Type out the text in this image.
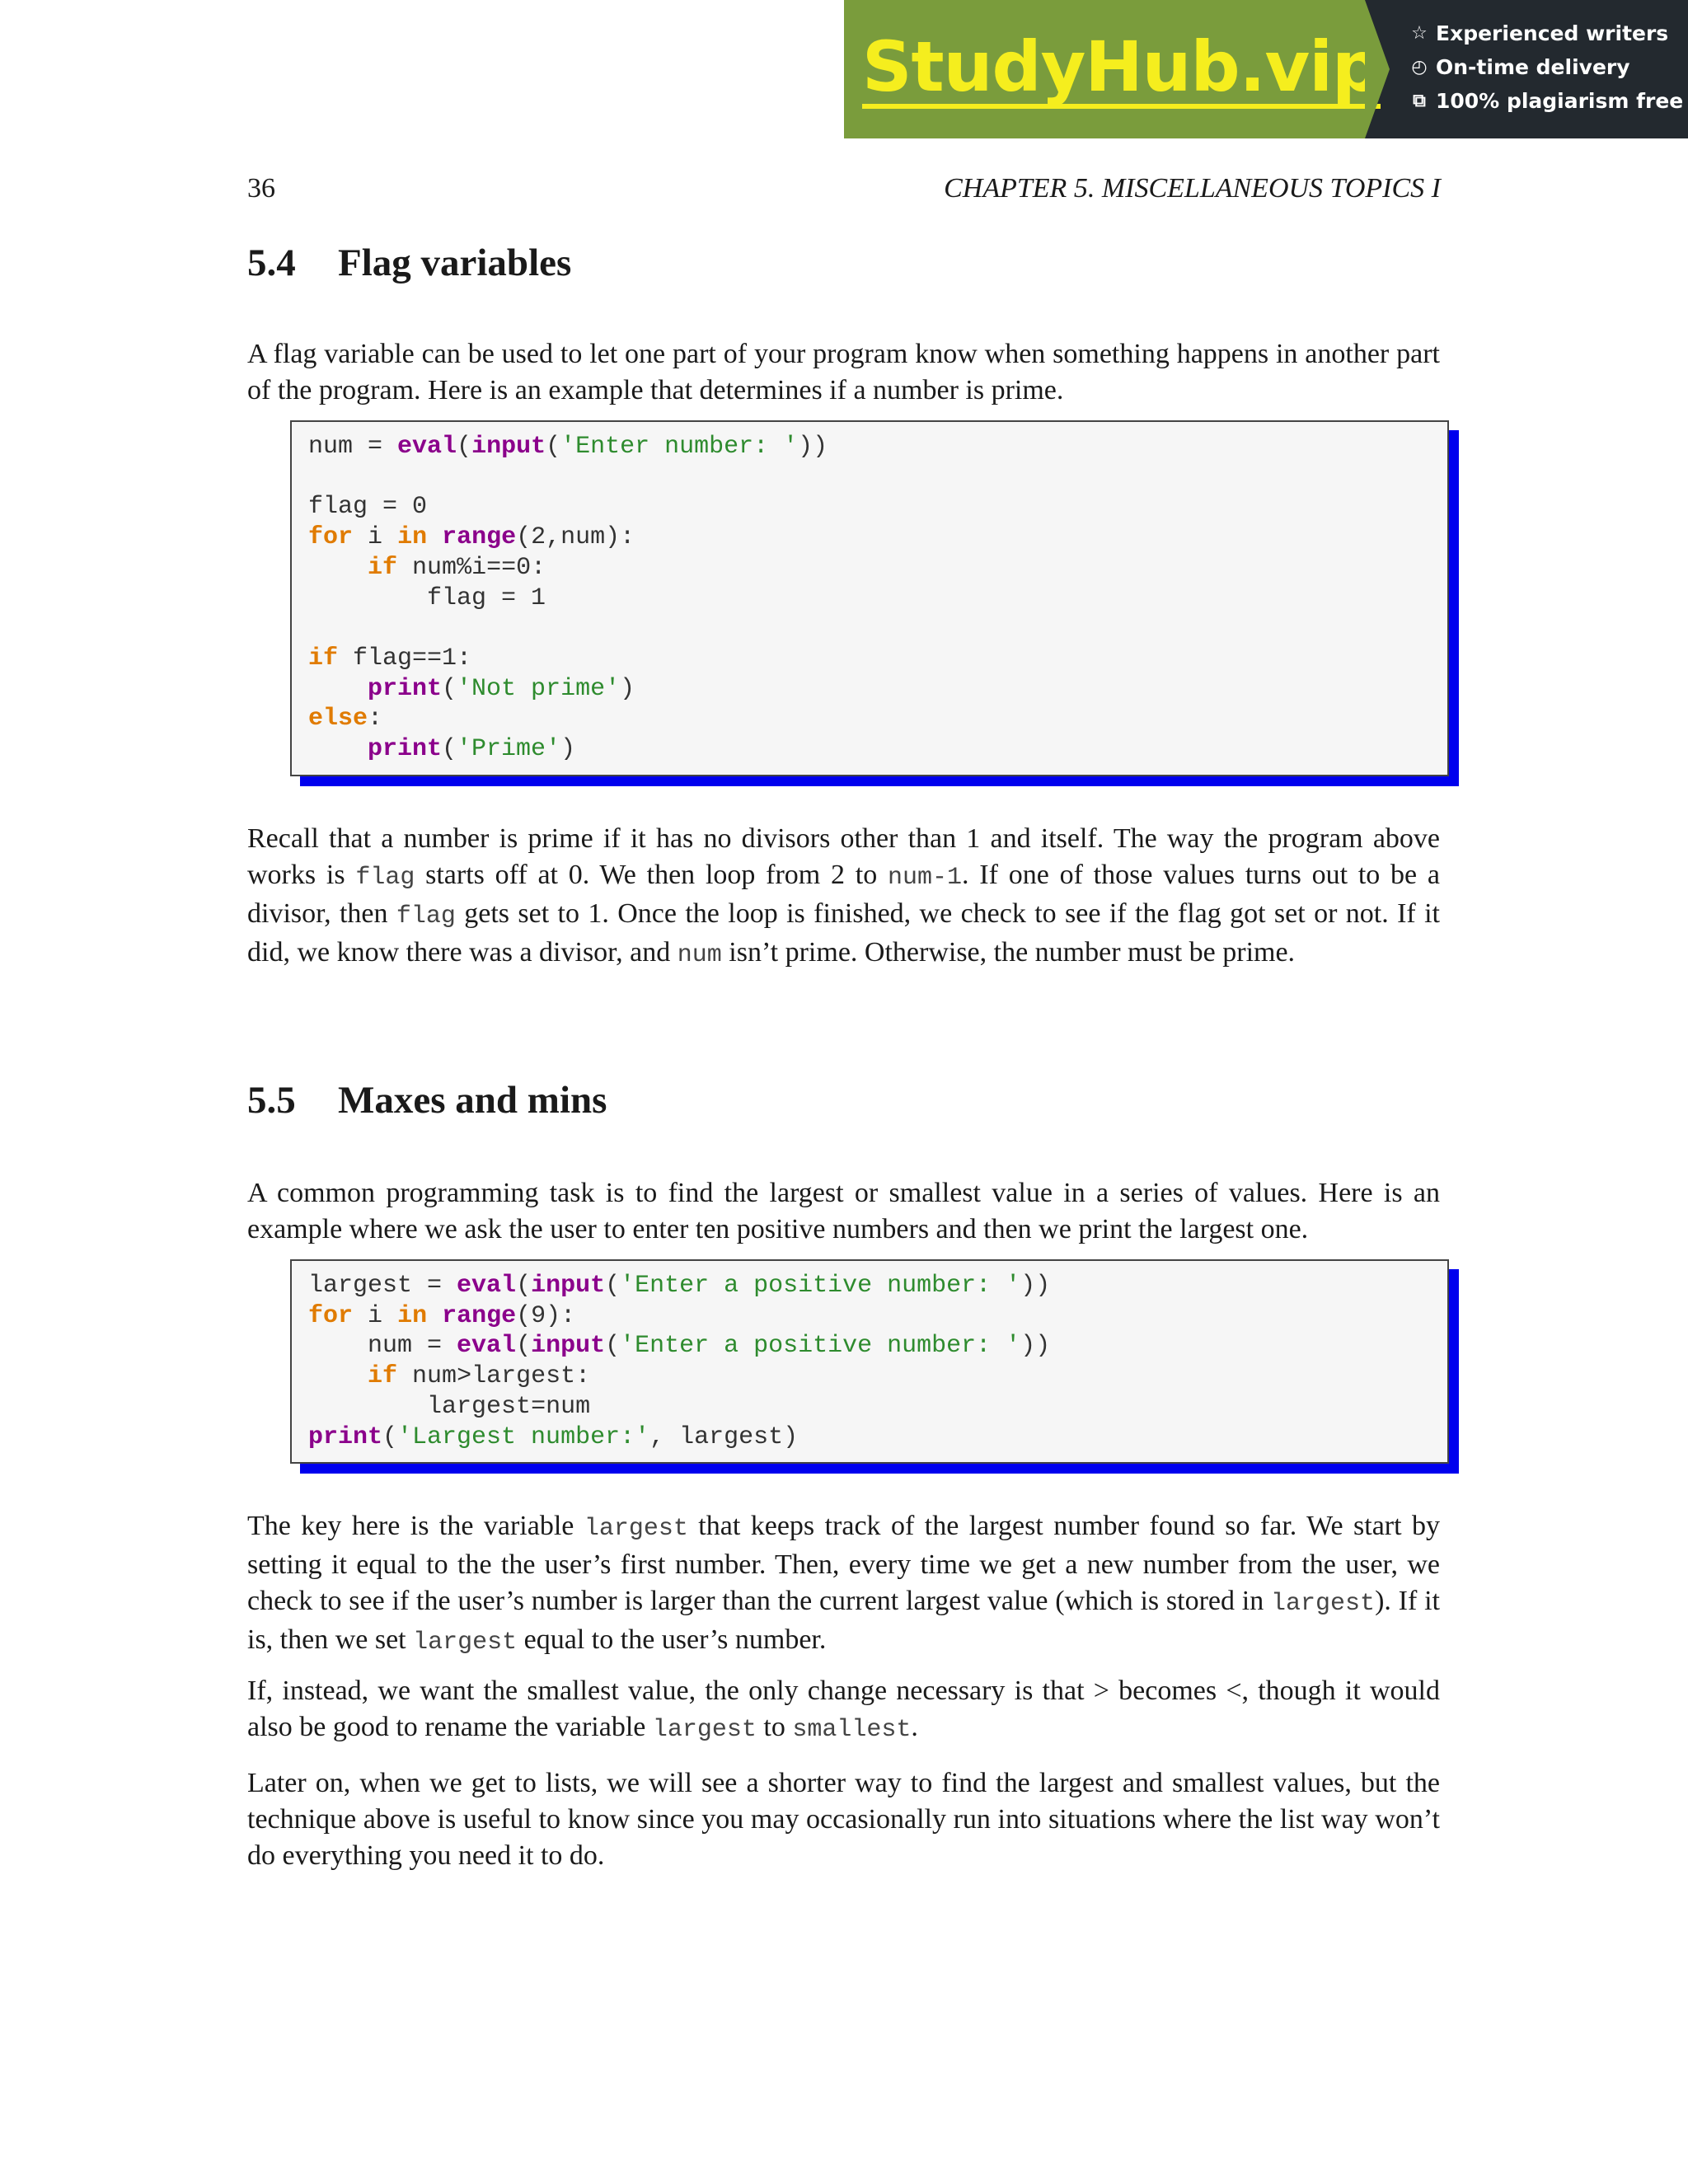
StudyHub.vip ☆ Experienced writers
◴ On-time delivery
⧉ 100% plagiarism free
36	CHAPTER 5. MISCELLANEOUS TOPICS I
5.4 Flag variables

A flag variable can be used to let one part of your program know when something happens in another part of the program. Here is an example that determines if a number is prime.

num = eval(input('Enter number: '))

flag = 0
for i in range(2,num):
if num%i==0:
flag = 1

if flag==1:
print('Not prime')
else:
print('Prime')
Recall that a number is prime if it has no divisors other than 1 and itself. The way the program above works is flag starts off at 0. We then loop from 2 to num-1. If one of those values turns out to be a divisor, then flag gets set to 1. Once the loop is finished, we check to see if the flag got set or not. If it did, we know there was a divisor, and num isn’t prime. Otherwise, the number must be prime.
5.5 Maxes and mins

A common programming task is to find the largest or smallest value in a series of values. Here is an example where we ask the user to enter ten positive numbers and then we print the largest one.

largest = eval(input('Enter a positive number: '))
for i in range(9):
num = eval(input('Enter a positive number: '))
if num>largest:
largest=num
print('Largest number:', largest)
The key here is the variable largest that keeps track of the largest number found so far. We start by setting it equal to the the user’s first number. Then, every time we get a new number from the user, we check to see if the user’s number is larger than the current largest value (which is stored in largest). If it is, then we set largest equal to the user’s number.
If, instead, we want the smallest value, the only change necessary is that > becomes <, though it would also be good to rename the variable largest to smallest.

Later on, when we get to lists, we will see a shorter way to find the largest and smallest values, but the technique above is useful to know since you may occasionally run into situations where the list way won’t do everything you need it to do.
